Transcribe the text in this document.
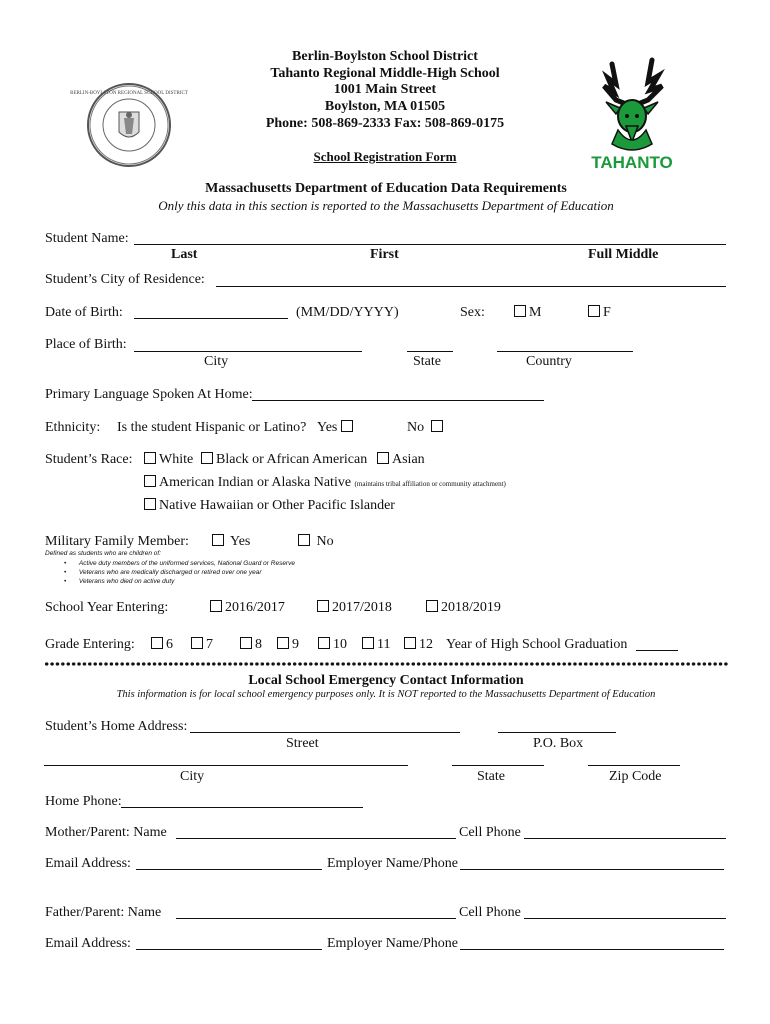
BERLIN-BOYLSTON REGIONAL SCHOOL DISTRICT
TAHANTO
Berlin-Boylston School District
Tahanto Regional Middle-High School
1001 Main Street
Boylston, MA 01505
Phone: 508-869-2333 Fax: 508-869-0175
School Registration Form
Massachusetts Department of Education Data Requirements
Only this data in this section is reported to the Massachusetts Department of Education
Student Name:
Last	First	Full Middle
Student’s City of Residence:
Date of Birth:	(MM/DD/YYYY)	Sex:	M	F
Place of Birth:
City	State	Country
Primary Language Spoken At Home:
Ethnicity: Is the student Hispanic or Latino? Yes	No
Student’s Race:	White	Black or African American	Asian
American Indian or Alaska Native (maintains tribal affiliation or community attachment)
Native Hawaiian or Other Pacific Islander
Military Family Member:	Yes	No
Defined as students who are children of:
•       Active duty members of the uniformed services, National Guard or Reserve
•       Veterans who are medically discharged or retired over one year
•       Veterans who died on active duty
School Year Entering:	2016/2017	2017/2018	2018/2019
Grade Entering:	6	7	8	9	10	11	12 Year of High School Graduation
Local School Emergency Contact Information
This information is for local school emergency purposes only. It is NOT reported to the Massachusetts Department of Education
Student’s Home Address:
Street	P.O. Box
City	State	Zip Code
Home Phone:
Mother/Parent: Name	Cell Phone
Email Address:	Employer Name/Phone
Father/Parent: Name	Cell Phone
Email Address:	Employer Name/Phone
